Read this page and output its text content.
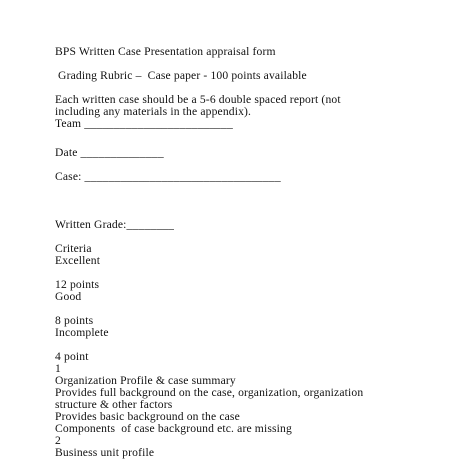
BPS Written Case Presentation appraisal form
Grading Rubric –  Case paper - 100 points available
Each written case should be a 5-6 double spaced report (not
including any materials in the appendix).
Team _________________________
Date ______________
Case: _________________________________
Written Grade:________
Criteria
Excellent
12 points
Good
8 points
Incomplete
4 point
1
Organization Profile & case summary
Provides full background on the case, organization, organization
structure & other factors
Provides basic background on the case
Components  of case background etc. are missing
2
Business unit profile
